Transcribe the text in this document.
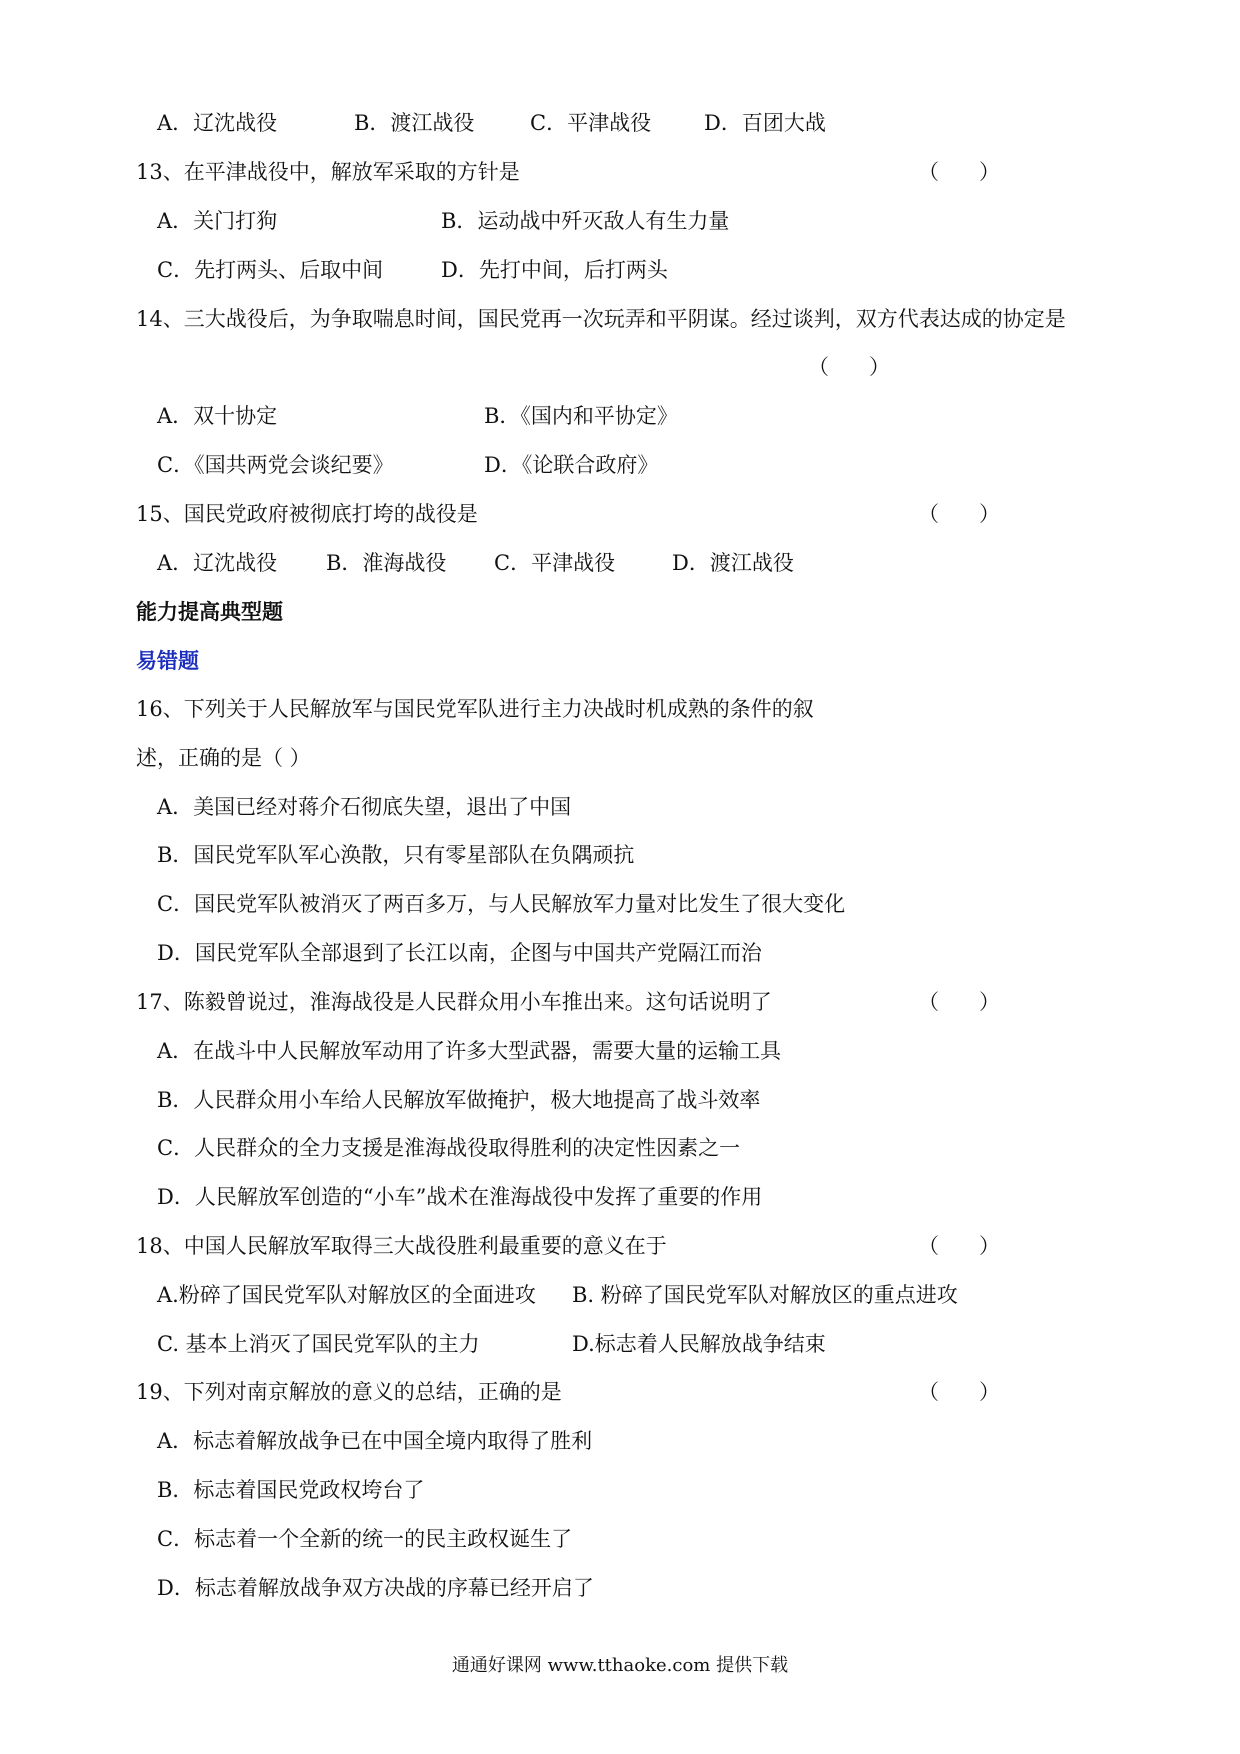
A．辽沈战役	B．渡江战役	C．平津战役	D．百团大战
13、在平津战役中，解放军采取的方针是	（      ）
A．关门打狗	B．运动战中歼灭敌人有生力量
C．先打两头、后取中间	D．先打中间，后打两头
14、三大战役后，为争取喘息时间，国民党再一次玩弄和平阴谋。经过谈判，双方代表达成的协定是
（      ）
A．双十协定	B．《国内和平协定》
C．《国共两党会谈纪要》	D．《论联合政府》
15、国民党政府被彻底打垮的战役是	（      ）
A．辽沈战役 B．淮海战役 C．平津战役	D．渡江战役
能力提高典型题
易错题
16、下列关于人民解放军与国民党军队进行主力决战时机成熟的条件的叙
述，正确的是（ ）
A．美国已经对蒋介石彻底失望，退出了中国
B．国民党军队军心涣散，只有零星部队在负隅顽抗
C．国民党军队被消灭了两百多万，与人民解放军力量对比发生了很大变化
D．国民党军队全部退到了长江以南，企图与中国共产党隔江而治
17、陈毅曾说过，淮海战役是人民群众用小车推出来。这句话说明了	（      ）
A．在战斗中人民解放军动用了许多大型武器，需要大量的运输工具
B．人民群众用小车给人民解放军做掩护，极大地提高了战斗效率
C．人民群众的全力支援是淮海战役取得胜利的决定性因素之一
D．人民解放军创造的“小车”战术在淮海战役中发挥了重要的作用
18、中国人民解放军取得三大战役胜利最重要的意义在于	（      ）
A.粉碎了国民党军队对解放区的全面进攻 B. 粉碎了国民党军队对解放区的重点进攻
C. 基本上消灭了国民党军队的主力	D.标志着人民解放战争结束
19、下列对南京解放的意义的总结，正确的是	（      ）
A．标志着解放战争已在中国全境内取得了胜利
B．标志着国民党政权垮台了
C．标志着一个全新的统一的民主政权诞生了
D．标志着解放战争双方决战的序幕已经开启了
通通好课网 www.tthaoke.com 提供下载
